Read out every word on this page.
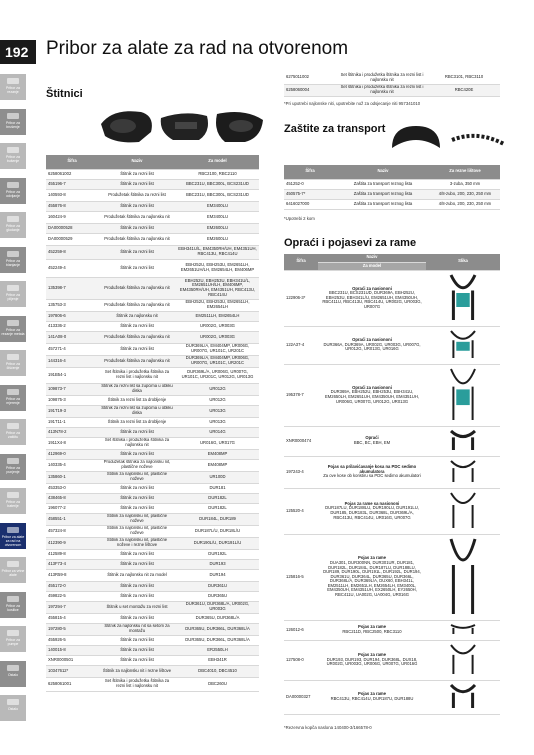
192 Pribor za alate za rad na otvorenom
Pribor za rezanje
Pribor za brušenje
Pribor za bušenje
Pribor za odvijanje
Pribor za glodanje
Pribor za blanjanje
Pribor za piljenje
Pribor za rezanje metala
Pribor za čišćenje
Pribor za mjerenje
Pribor za zaštitu
Pribor za punjenje
Pribor za baterije
Pribor za alate za rad na otvorenom
Pribor za vrtne alate
Pribor za kosilice
Pribor za pumpe
Ostalo
Ostalo
Štitnici
Šifra	Naziv	Za model
6258061002	Štitnik za rezni list	RBC2100, RBC2110
455196-7	Štitnik za rezni list	BBC231U, BBC300L, BCS231UD
140593-8	Produžetak štitnika za rezni list	BBC231U, BBC300L, BCS231UD
455876-8	Štitnik za rezni list	EM3400LU
160424-9	Produžetak štitnika za najlonsku nit	EM3400LU
DA00000528	Štitnik za rezni list	EM2600LU
DA00000529	Produžetak štitnika za najlonsku nit	EM2600LU
452259-8	Štitnik za rezni list	EBH341U/L, EM4350RH/UH, EM4351UH, RBC413U, RBC414U
452249-4	Štitnik za rezni list	EBH252U, EBH253U, EM2651LH, EM2651UH/LH, EM2654LH, EM406MP
135398-7	Produžetak štitnika za najlonsku nit	EBH252U, EBH253U, EBH341U/L, EM2651UH/LH, EM406MP, EM4350RH/UH, EM4351UH, RBC413U, RBC414U
135753-3	Produžetak štitnika za najlonsku nit	EBH252U, EBH253U, EM2651LH, EM2654LH
197806-6	Štitnik za najlonsku nit	EM2511LH, EM2654LH
413336-2	Štitnik za rezni list	UR002G, UR003G
141A08-0	Produžetak štitnika za najlonsku nit	UR002G, UR003G
457271-4	Štitnik za rezni list	DUR369L/A, EM404MP, UR006G, UR007G, UR101C, UR201C
144316-4	Produžetak štitnika za najlonsku nit	DUR369L/A, EM404MP, UR006G, UR007G, UR101C, UR201C
191B54-1	Set štitnika i produžetka štitnika za rezni list i najlonsku nit	DUR369L/A, UR006G, UR007G, UR101C, UR201C, UR012G, UR013G
109873-7	Štitnik za rezni list sa zupcima u obliku diska	UR012G
109875-3	Štitnik za rezni list za drobljenje	UR012G
191T19-3	Štitnik za rezni list sa zupcima u obliku diska	UR013G
191T11-1	Štitnik za rezni list za drobljenje	UR013G
413N78-2	Štitnik za rezni list	UR014G
1911X4-8	Set štitnika i produžetka štitnika za najlonsku nit	UR016G, UR017G
412969-0	Štitnik za rezni list	EM408MP
140335-4	Produžetak štitnika za najlonsku nit, plastične noževe	EM408MP
135860-1	Štitnik za najlonsku nit, plastične noževe	UR100D
453353-0	Štitnik za rezni list	DUR181
438465-8	Štitnik za rezni list	DUR182L
196077-2	Štitnik za rezni list	DUR182L
458551-1	Štitnik za najlonsku nit, plastične noževe	DUR184L, DUR189
457324-8	Štitnik za najlonsku nit, plastične noževe	DUR187L/U, DUR18L/U
412390-9	Štitnik za najlonsku nit, plastične noževe i rezne lištove	DUR190L/U, DUR191L/U
412589-8	Štitnik za rezni list	DUR192L
413F73-4	Štitnik za rezni list	DUR193
413R59-8	Štitnik za najlonsku nit za model	DUR194
455172-0	Štitnik za rezni list	DUR361U
459822-5	Štitnik za rezni list	DUR365U
197294-7	Štitnik u set montažu za rezni list	DUR361U, DUR368L/A, UR002G, UR003G
455815-4	Štitnik za rezni list	DUR365U, DUR368L/A
197280-5	Štitnik za najlonsku nit sa setom za montažu	DUR365U, DUR366L, DUR368L/A
455926-5	Štitnik za rezni list	DUR365U, DUR366L, DUR368L/A
140015-8	Štitnik za rezni list	ER2550LH
XNR0000501	Štitnik za rezni list	EBH341R
10347612*	Štitnik za najlonsku nit i rezne lištove	DBC4010, DBC4510
6258061001	Set štitnika i produžetka štitnika za rezni list i najlonsku nit	DBC260U
6275011002	Set štitnika i produžetka štitnika za rezni list i najlonsku nit	RBC3101, RBC3110
6258060004	Set štitnika i produžetka štitnika za rezni list i najlonsku nit	RBC420E
*Pri upotrebi najlonske niti, upotrebite nož za odsjecanje niti 957341010
Zaštite za transport
Šifra	Naziv	Za rezne lištove
451252-0	Zaštita za transport reznog lista	3-zuba, 350 mm
450575-7*	Zaštita za transport reznog lista	4/8-zubo, 200, 230, 250 mm
6416027000	Zaštita za transport reznog lista	4/8-zubo, 200, 230, 250 mm
*Upotrebi 2 kom
Opraći i pojasevi za rame
Šifra	Naziv	Slika
	Za model	
122906-3*	Opraći za nasiononi
BBC231U, BCS231UD, DUR369A, EBH252U, EBH253U, EBH341L/U, EM2651UH, EM4350UH, RBC411U, RBC413U, RBC414U, UR002G, UR003G, UR007G

122A37-4	Opraći za nasiononi
DUR366A, DUR369A, UR002G, UR003G, UR007G, UR012G, UR013G, UR016G

195378-7	Opraći za nasiononi
DUR369A, EBH252U, EBH253U, EBH341U, EM2650LH, EM2651UH, EM4350UH, EM4351UH, UR006G, UR007G, UR012G, UR013G

XNR0000474	Opraći
BBC, BC, EBH, EM

197243-4	Pojas sa prilavićavanje kosa na PDC sedimo akumulatora
Za ove kose ob koristiru sa PDC sedimo akumulatori

125520-4	Pojas za rame sa nasiononi
DUR187LU, DUR188LU, DUR190LU, DUR191LU, DUR185, DUR183L, DUR368L, DUR369L/A, RBC413U, RBC414U, UR016G, UR007G

125816-5	Pojas za rame
DUA301, DUR300NN, DUR301UR, DUR181, DUR182L, DUR184L, DUR187LU, DUR188LU, DUR189, DUR190L, DUR191L, DUR192L, DUR194, DUR361U, DUR364L, DUR365U, DUR366L, DUR368L/A, DUR369L/A, DUX60, EBH341L, EM2511LH, EM2651LH, EM2654LH, EM3400L, EM4350UH, EM4351UH, EX2650LH, EY2650H, RBC411U, UA002G, UA004G, UR016G

126012-6	Pojas za rame
RBC211D, RBC2500, RBC3110

127508-0	Pojas za rame
DUR193, DUR193, DUR194, DUR368L, DUX18, UR002G, UR003G, UR006G, UR007G, UR016G

DA00000327	Pojas za rame
RBC413U, RBC414U, DUR187U, DUR188U

*Rezervna kopča naslona 140400-3/166578-0
